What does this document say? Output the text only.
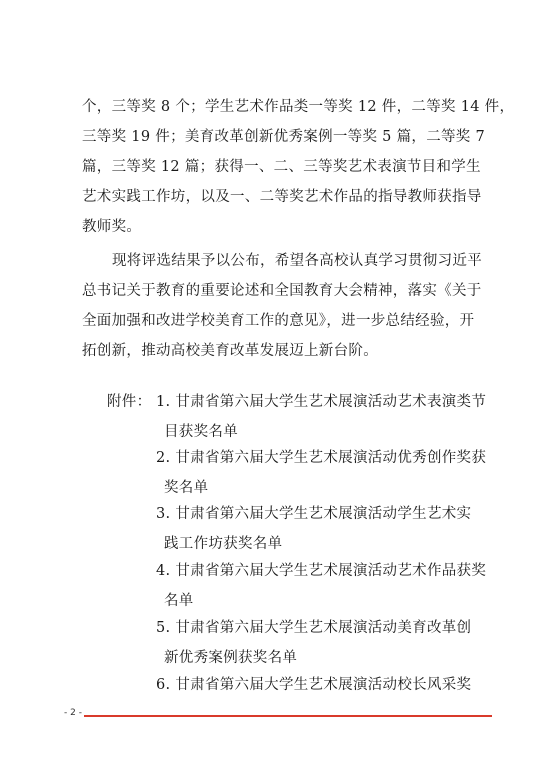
个，三等奖 8 个；学生艺术作品类一等奖 12 件，二等奖 14 件，
三等奖 19 件；美育改革创新优秀案例一等奖 5 篇，二等奖 7
篇，三等奖 12 篇；获得一、二、三等奖艺术表演节目和学生
艺术实践工作坊，以及一、二等奖艺术作品的指导教师获指导
教师奖。
现将评选结果予以公布，希望各高校认真学习贯彻习近平
总书记关于教育的重要论述和全国教育大会精神，落实《关于
全面加强和改进学校美育工作的意见》，进一步总结经验，开
拓创新，推动高校美育改革发展迈上新台阶。
附件： 1. 甘肃省第六届大学生艺术展演活动艺术表演类节
目获奖名单
2. 甘肃省第六届大学生艺术展演活动优秀创作奖获
奖名单
3. 甘肃省第六届大学生艺术展演活动学生艺术实
践工作坊获奖名单
4. 甘肃省第六届大学生艺术展演活动艺术作品获奖
名单
5. 甘肃省第六届大学生艺术展演活动美育改革创
新优秀案例获奖名单
6. 甘肃省第六届大学生艺术展演活动校长风采奖
- 2 -
